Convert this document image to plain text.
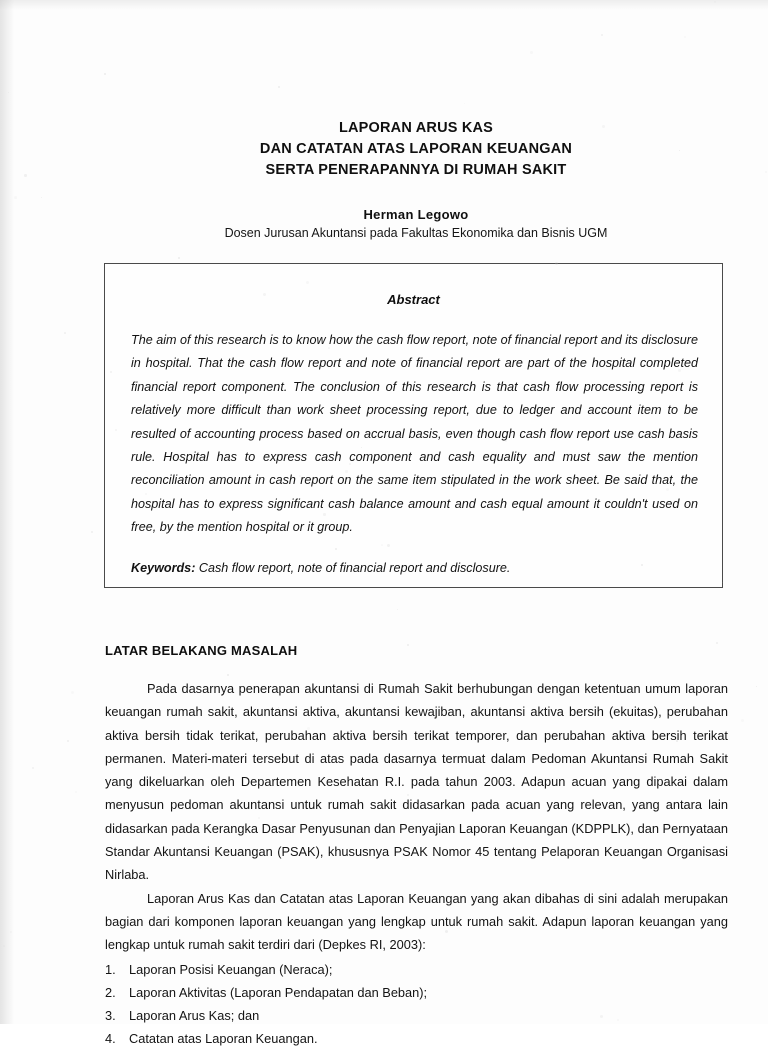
LAPORAN ARUS KAS
DAN CATATAN ATAS LAPORAN KEUANGAN
SERTA PENERAPANNYA DI RUMAH SAKIT
Herman Legowo
Dosen Jurusan Akuntansi pada Fakultas Ekonomika dan Bisnis UGM
Abstract
The aim of this research is to know how the cash flow report, note of financial report and its disclosure in hospital. That the cash flow report and note of financial report are part of the hospital completed financial report component. The conclusion of this research is that cash flow processing report is relatively more difficult than work sheet processing report, due to ledger and account item to be resulted of accounting process based on accrual basis, even though cash flow report use cash basis rule. Hospital has to express cash component and cash equality and must saw the mention reconciliation amount in cash report on the same item stipulated in the work sheet. Be said that, the hospital has to express significant cash balance amount and cash equal amount it couldn't used on free, by the mention hospital or it group.
Keywords: Cash flow report, note of financial report and disclosure.
LATAR BELAKANG MASALAH

Pada dasarnya penerapan akuntansi di Rumah Sakit berhubungan dengan ketentuan umum laporan keuangan rumah sakit, akuntansi aktiva, akuntansi kewajiban, akuntansi aktiva bersih (ekuitas), perubahan aktiva bersih tidak terikat, perubahan aktiva bersih terikat temporer, dan perubahan aktiva bersih terikat permanen. Materi-materi tersebut di atas pada dasarnya termuat dalam Pedoman Akuntansi Rumah Sakit yang dikeluarkan oleh Departemen Kesehatan R.I. pada tahun 2003. Adapun acuan yang dipakai dalam menyusun pedoman akuntansi untuk rumah sakit didasarkan pada acuan yang relevan, yang antara lain didasarkan pada Kerangka Dasar Penyusunan dan Penyajian Laporan Keuangan (KDPPLK), dan Pernyataan Standar Akuntansi Keuangan (PSAK), khususnya PSAK Nomor 45 tentang Pelaporan Keuangan Organisasi Nirlaba.

Laporan Arus Kas dan Catatan atas Laporan Keuangan yang akan dibahas di sini adalah merupakan bagian dari komponen laporan keuangan yang lengkap untuk rumah sakit. Adapun laporan keuangan yang lengkap untuk rumah sakit terdiri dari (Depkes RI, 2003):

1. Laporan Posisi Keuangan (Neraca);
2. Laporan Aktivitas (Laporan Pendapatan dan Beban);
3. Laporan Arus Kas; dan
4. Catatan atas Laporan Keuangan.
